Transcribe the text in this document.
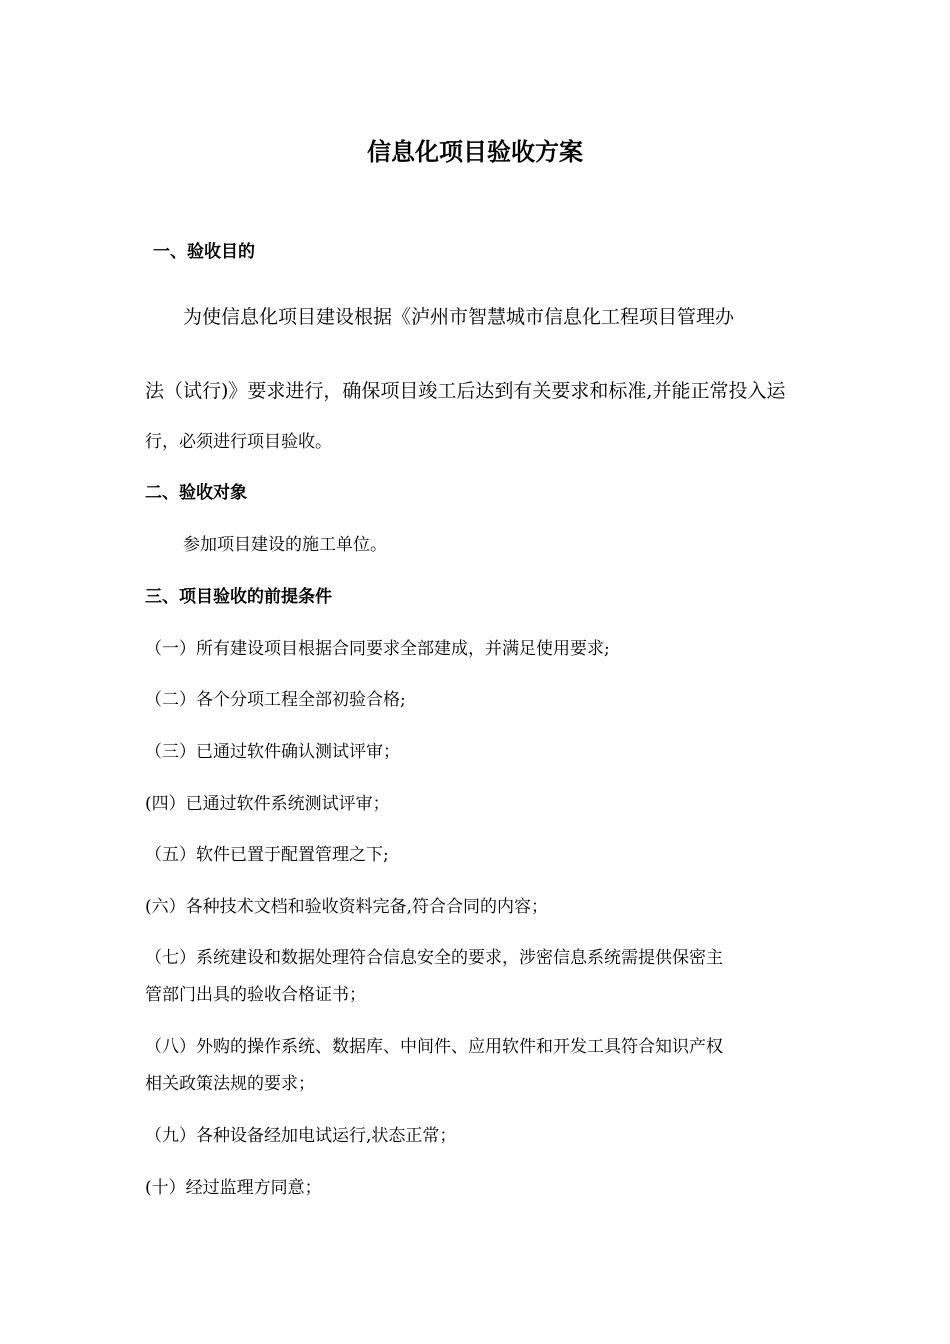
信息化项目验收方案
一、验收目的
为使信息化项目建设根据《泸州市智慧城市信息化工程项目管理办
法（试行)》要求进行，确保项目竣工后达到有关要求和标准,并能正常投入运
行，必须进行项目验收。
二、验收对象
参加项目建设的施工单位。
三、项目验收的前提条件
（一）所有建设项目根据合同要求全部建成，并满足使用要求;
（二）各个分项工程全部初验合格;
（三）已通过软件确认测试评审；
(四）已通过软件系统测试评审；
（五）软件已置于配置管理之下;
(六）各种技术文档和验收资料完备,符合合同的内容；
（七）系统建设和数据处理符合信息安全的要求，涉密信息系统需提供保密主
管部门出具的验收合格证书；
（八）外购的操作系统、数据库、中间件、应用软件和开发工具符合知识产权
相关政策法规的要求；
（九）各种设备经加电试运行,状态正常；
(十）经过监理方同意；
